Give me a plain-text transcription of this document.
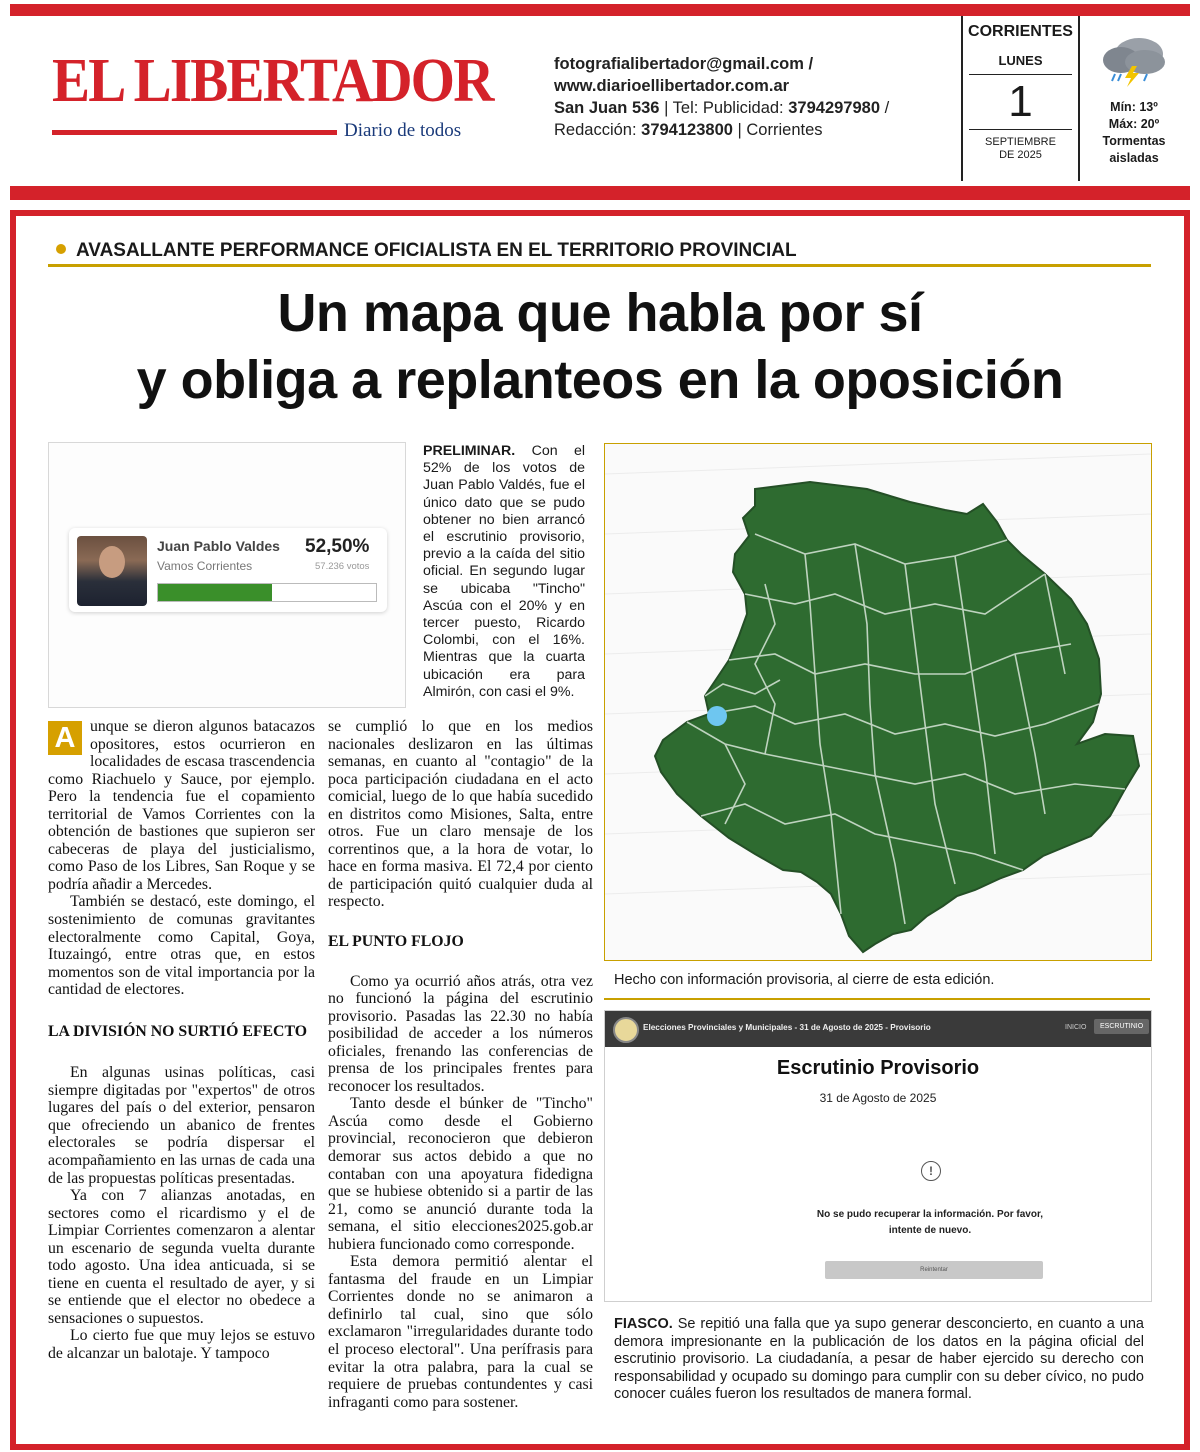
EL LIBERTADOR
Diario de todos
fotografialibertador@gmail.com /
www.diarioellibertador.com.ar
San Juan 536 | Tel: Publicidad: 3794297980 /
Redacción: 3794123800 | Corrientes
CORRIENTES
LUNES
1
SEPTIEMBRE
DE 2025
Mín: 13º
Máx: 20º
Tormentas
aisladas
AVASALLANTE PERFORMANCE OFICIALISTA EN EL TERRITORIO PROVINCIAL
Un mapa que habla por sí
y obliga a replanteos en la oposición
Juan Pablo Valdes
Vamos Corrientes
52,50%
57.236 votos
PRELIMINAR. Con el 52% de los votos de Juan Pablo Valdés, fue el único dato que se pudo obtener no bien arrancó el escrutinio provisorio, previo a la caída del sitio oficial. En segundo lugar se ubicaba "Tincho" Ascúa con el 20% y en tercer puesto, Ricardo Colombi, con el 16%. Mientras que la cuarta ubicación era para Almirón, con casi el 9%.
Hecho con información provisoria, al cierre de esta edición.
Elecciones Provinciales y Municipales - 31 de Agosto de 2025 - Provisorio	INICIO	ESCRUTINIO
Escrutinio Provisorio
31 de Agosto de 2025
!
No se pudo recuperar la información. Por favor, intente de nuevo.
Reintentar
FIASCO. Se repitió una falla que ya supo generar desconcierto, en cuanto a una demora impresionante en la publicación de los datos en la página oficial del escrutinio provisorio. La ciudadanía, a pesar de haber ejercido su derecho con responsabilidad y ocupado su domingo para cumplir con su deber cívico, no pudo conocer cuáles fueron los resultados de manera formal.

A unque se dieron algunos batacazos opositores, estos ocurrieron en localidades de escasa trascendencia como Riachuelo y Sauce, por ejemplo. Pero la tendencia fue el copamiento territorial de Vamos Corrientes con la obtención de bastiones que supieron ser cabeceras de playa del justicialismo, como Paso de los Libres, San Roque y se podría añadir a Mercedes.

También se destacó, este domingo, el sostenimiento de comunas gravitantes electoralmente como Capital, Goya, Ituzaingó, entre otras que, en estos momentos son de vital importancia por la cantidad de electores.

LA DIVISIÓN NO SURTIÓ EFECTO

En algunas usinas políticas, casi siempre digitadas por "expertos" de otros lugares del país o del exterior, pensaron que ofreciendo un abanico de frentes electorales se podría dispersar el acompañamiento en las urnas de cada una de las propuestas políticas presentadas.

Ya con 7 alianzas anotadas, en sectores como el ricardismo y el de Limpiar Corrientes comenzaron a alentar un escenario de segunda vuelta durante todo agosto. Una idea anticuada, si se tiene en cuenta el resultado de ayer, y si se entiende que el elector no obedece a sensaciones o supuestos.

Lo cierto fue que muy lejos se estuvo de alcanzar un balotaje. Y tampoco

se cumplió lo que en los medios nacionales deslizaron en las últimas semanas, en cuanto al "contagio" de la poca participación ciudadana en el acto comicial, luego de lo que había sucedido en distritos como Misiones, Salta, entre otros. Fue un claro mensaje de los correntinos que, a la hora de votar, lo hace en forma masiva. El 72,4 por ciento de participación quitó cualquier duda al respecto.

EL PUNTO FLOJO

Como ya ocurrió años atrás, otra vez no funcionó la página del escrutinio provisorio. Pasadas las 22.30 no había posibilidad de acceder a los números oficiales, frenando las conferencias de prensa de los principales frentes para reconocer los resultados.

Tanto desde el búnker de "Tincho" Ascúa como desde el Gobierno provincial, reconocieron que debieron demorar sus actos debido a que no contaban con una apoyatura fidedigna que se hubiese obtenido si a partir de las 21, como se anunció durante toda la semana, el sitio elecciones2025.gob.ar hubiera funcionado como corresponde.

Esta demora permitió alentar el fantasma del fraude en un Limpiar Corrientes donde no se animaron a definirlo tal cual, sino que sólo exclamaron "irregularidades durante todo el proceso electoral". Una perífrasis para evitar la otra palabra, para la cual se requiere de pruebas contundentes y casi infraganti como para sostener.
